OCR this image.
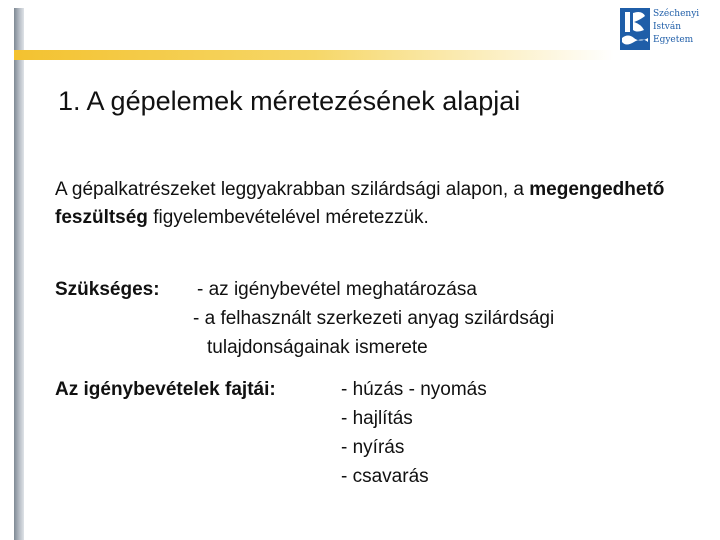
Széchenyi
István
Egyetem
1. A gépelemek méretezésének alapjai

A gépalkatrészeket leggyakrabban szilárdsági alapon, a megengedhető feszültség figyelembevételével méretezzük.

Szükséges: - az igénybevétel meghatározása
- a felhasznált szerkezeti anyag szilárdsági
tulajdonságainak ismerete
Az igénybevételek fajtái:	- húzás - nyomás
- hajlítás
- nyírás
- csavarás
